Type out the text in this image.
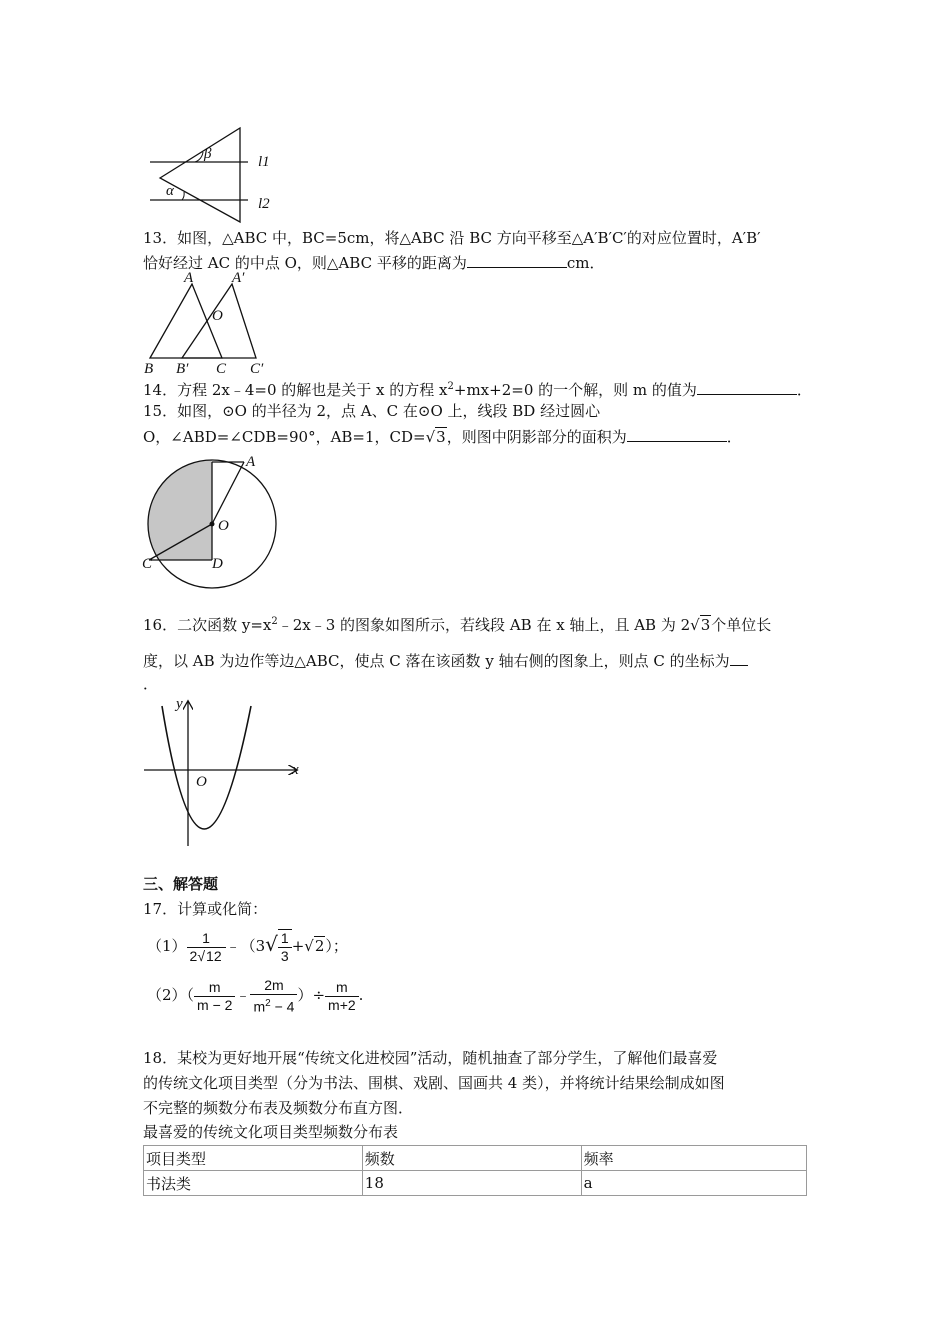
β
α
l1
l2
13．如图，△ABC 中，BC=5cm，将△ABC 沿 BC 方向平移至△A′B′C′的对应位置时，A′B′
恰好经过 AC 的中点 O，则△ABC 平移的距离为	cm．
A	A′
O
B B′ C C′
14．方程 2x﹣4=0 的解也是关于 x 的方程 $x^2+mx+2=0$ 的一个解，则 m 的值为	．
15．如图，⊙O 的半径为 2，点 A、C 在⊙O 上，线段 BD 经过圆心
O，∠ABD=∠CDB=90°，AB=1，CD=√3，则图中阴影部分的面积为	．
A
O
C	D
16．二次函数 $y=x^2﹣2x﹣3$ 的图象如图所示，若线段 AB 在 x 轴上，且 AB 为 2√3个单位长
度，以 AB 为边作等边△ABC，使点 C 落在该函数 y 轴右侧的图象上，则点 C 的坐标为
．
y
O
x
三、解答题
17．计算或化简：
$(1) \frac{1}{2√12}$ ﹣（3√ $\frac{1}{3} +√2$）；
$(2)( \frac{m}{m - 2}$ ﹣ $\frac{2m}{m^2 - 4}$ ）÷ $\frac{m}{m+2}$ .
18．某校为更好地开展“传统文化进校园”活动，随机抽查了部分学生，了解他们最喜爱
的传统文化项目类型（分为书法、围棋、戏剧、国画共 4 类），并将统计结果绘制成如图
不完整的频数分布表及频数分布直方图．
最喜爱的传统文化项目类型频数分布表
项目类型	频数	频率
书法类	18	a
